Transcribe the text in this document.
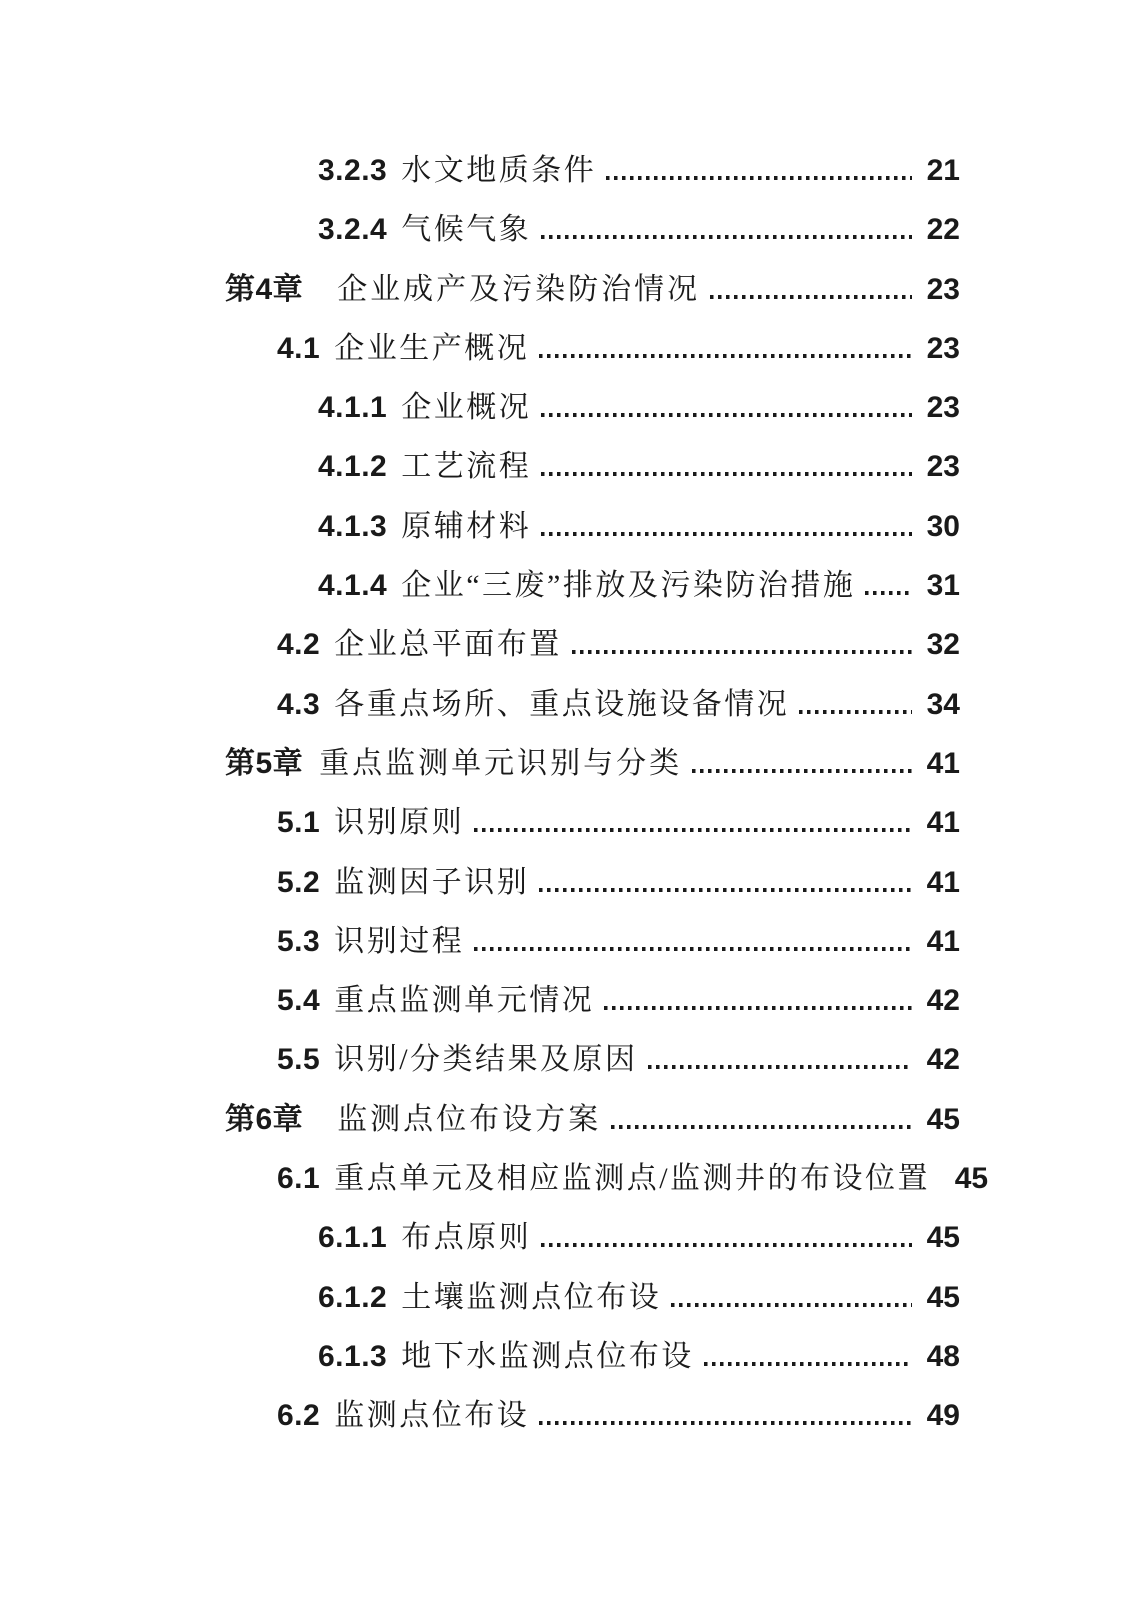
3.2.3 水文地质条件	21
3.2.4 气候气象	22
第4章 企业成产及污染防治情况	23
4.1 企业生产概况	23
4.1.1 企业概况	23
4.1.2 工艺流程	23
4.1.3 原辅材料	30
4.1.4 企业“三废”排放及污染防治措施 31
4.2 企业总平面布置	32
4.3 各重点场所、重点设施设备情况	34
第5章 重点监测单元识别与分类	41
5.1 识别原则	41
5.2 监测因子识别	41
5.3 识别过程	41
5.4 重点监测单元情况	42
5.5 识别/分类结果及原因	42
第6章 监测点位布设方案	45
6.1 重点单元及相应监测点/监测井的布设位置 45
6.1.1 布点原则	45
6.1.2 土壤监测点位布设	45
6.1.3 地下水监测点位布设	48
6.2 监测点位布设	49
